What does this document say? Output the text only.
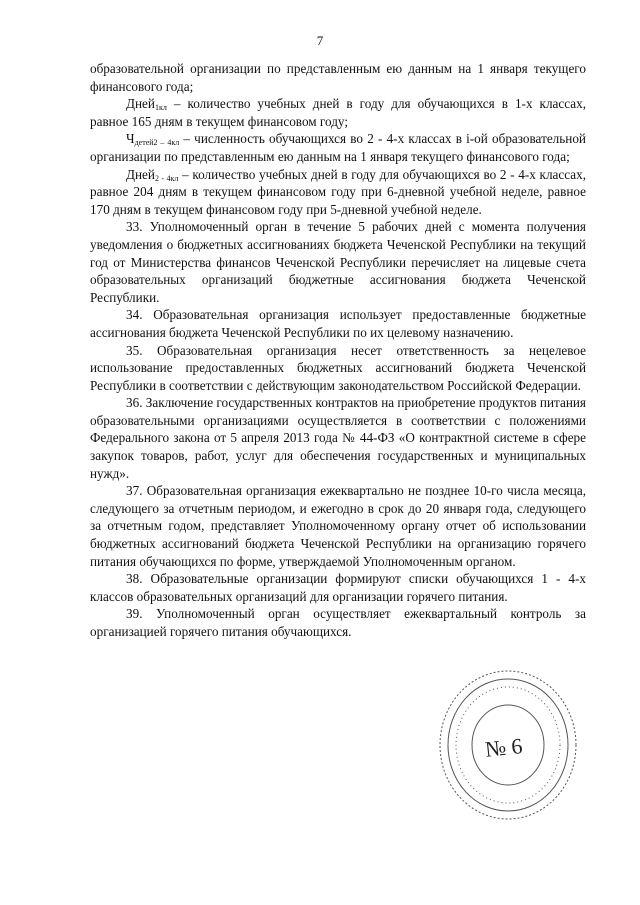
7

образовательной организации по представленным ею данным на 1 января текущего финансового года;

Дней$_{1кл}$ – количество учебных дней в году для обучающихся в 1-х классах, равное 165 дням в текущем финансовом году;

$Ч_{детей2 - 4кл}$ – численность обучающихся во 2 - 4-х классах в i-ой образовательной организации по представленным ею данным на 1 января текущего финансового года;

Дней$_{2 - 4кл}$ – количество учебных дней в году для обучающихся во 2 - 4-х классах, равное 204 дням в текущем финансовом году при 6-дневной учебной неделе, равное 170 дням в текущем финансовом году при 5-дневной учебной неделе.

33. Уполномоченный орган в течение 5 рабочих дней с момента получения уведомления о бюджетных ассигнованиях бюджета Чеченской Республики на текущий год от Министерства финансов Чеченской Республики перечисляет на лицевые счета образовательных организаций бюджетные ассигнования бюджета Чеченской Республики.

34. Образовательная организация использует предоставленные бюджетные ассигнования бюджета Чеченской Республики по их целевому назначению.

35. Образовательная организация несет ответственность за нецелевое использование предоставленных бюджетных ассигнований бюджета Чеченской Республики в соответствии с действующим законодательством Российской Федерации.

36. Заключение государственных контрактов на приобретение продуктов питания образовательными организациями осуществляется в соответствии с положениями Федерального закона от 5 апреля 2013 года № 44-ФЗ «О контрактной системе в сфере закупок товаров, работ, услуг для обеспечения государственных и муниципальных нужд».

37. Образовательная организация ежеквартально не позднее 10-го числа месяца, следующего за отчетным периодом, и ежегодно в срок до 20 января года, следующего за отчетным годом, представляет Уполномоченному органу отчет об использовании бюджетных ассигнований бюджета Чеченской Республики на организацию горячего питания обучающихся по форме, утверждаемой Уполномоченным органом.

38. Образовательные организации формируют списки обучающихся 1 - 4-х классов образовательных организаций для организации горячего питания.

39. Уполномоченный орган осуществляет ежеквартальный контроль за организацией горячего питания обучающихся.

№ 6
